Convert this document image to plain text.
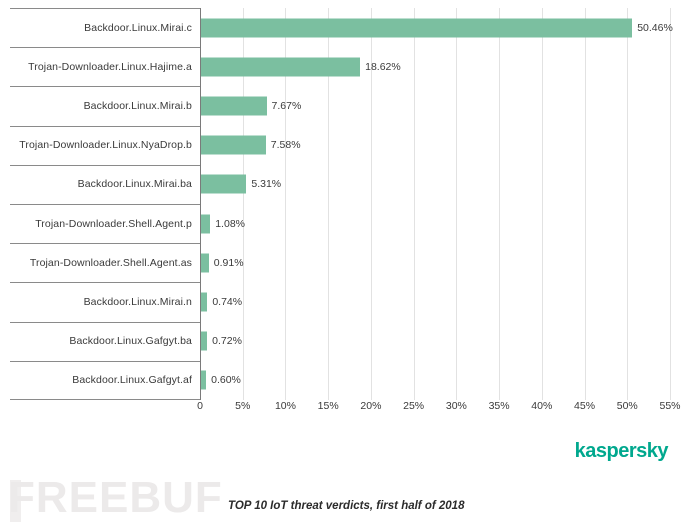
Backdoor.Linux.Mirai.c	50.46%
Trojan-Downloader.Linux.Hajime.a	18.62%
Backdoor.Linux.Mirai.b	7.67%
Trojan-Downloader.Linux.NyaDrop.b	7.58%
Backdoor.Linux.Mirai.ba	5.31%
Trojan-Downloader.Shell.Agent.p 1.08%
Trojan-Downloader.Shell.Agent.as 0.91%
Backdoor.Linux.Mirai.n 0.74%
Backdoor.Linux.Gafgyt.ba 0.72%
Backdoor.Linux.Gafgyt.af 0.60%
0	5% 10% 15% 20% 25% 30% 35% 40% 45% 50% 55%
kaspersky
FREEBUF TOP 10 IoT threat verdicts, first half of 2018
